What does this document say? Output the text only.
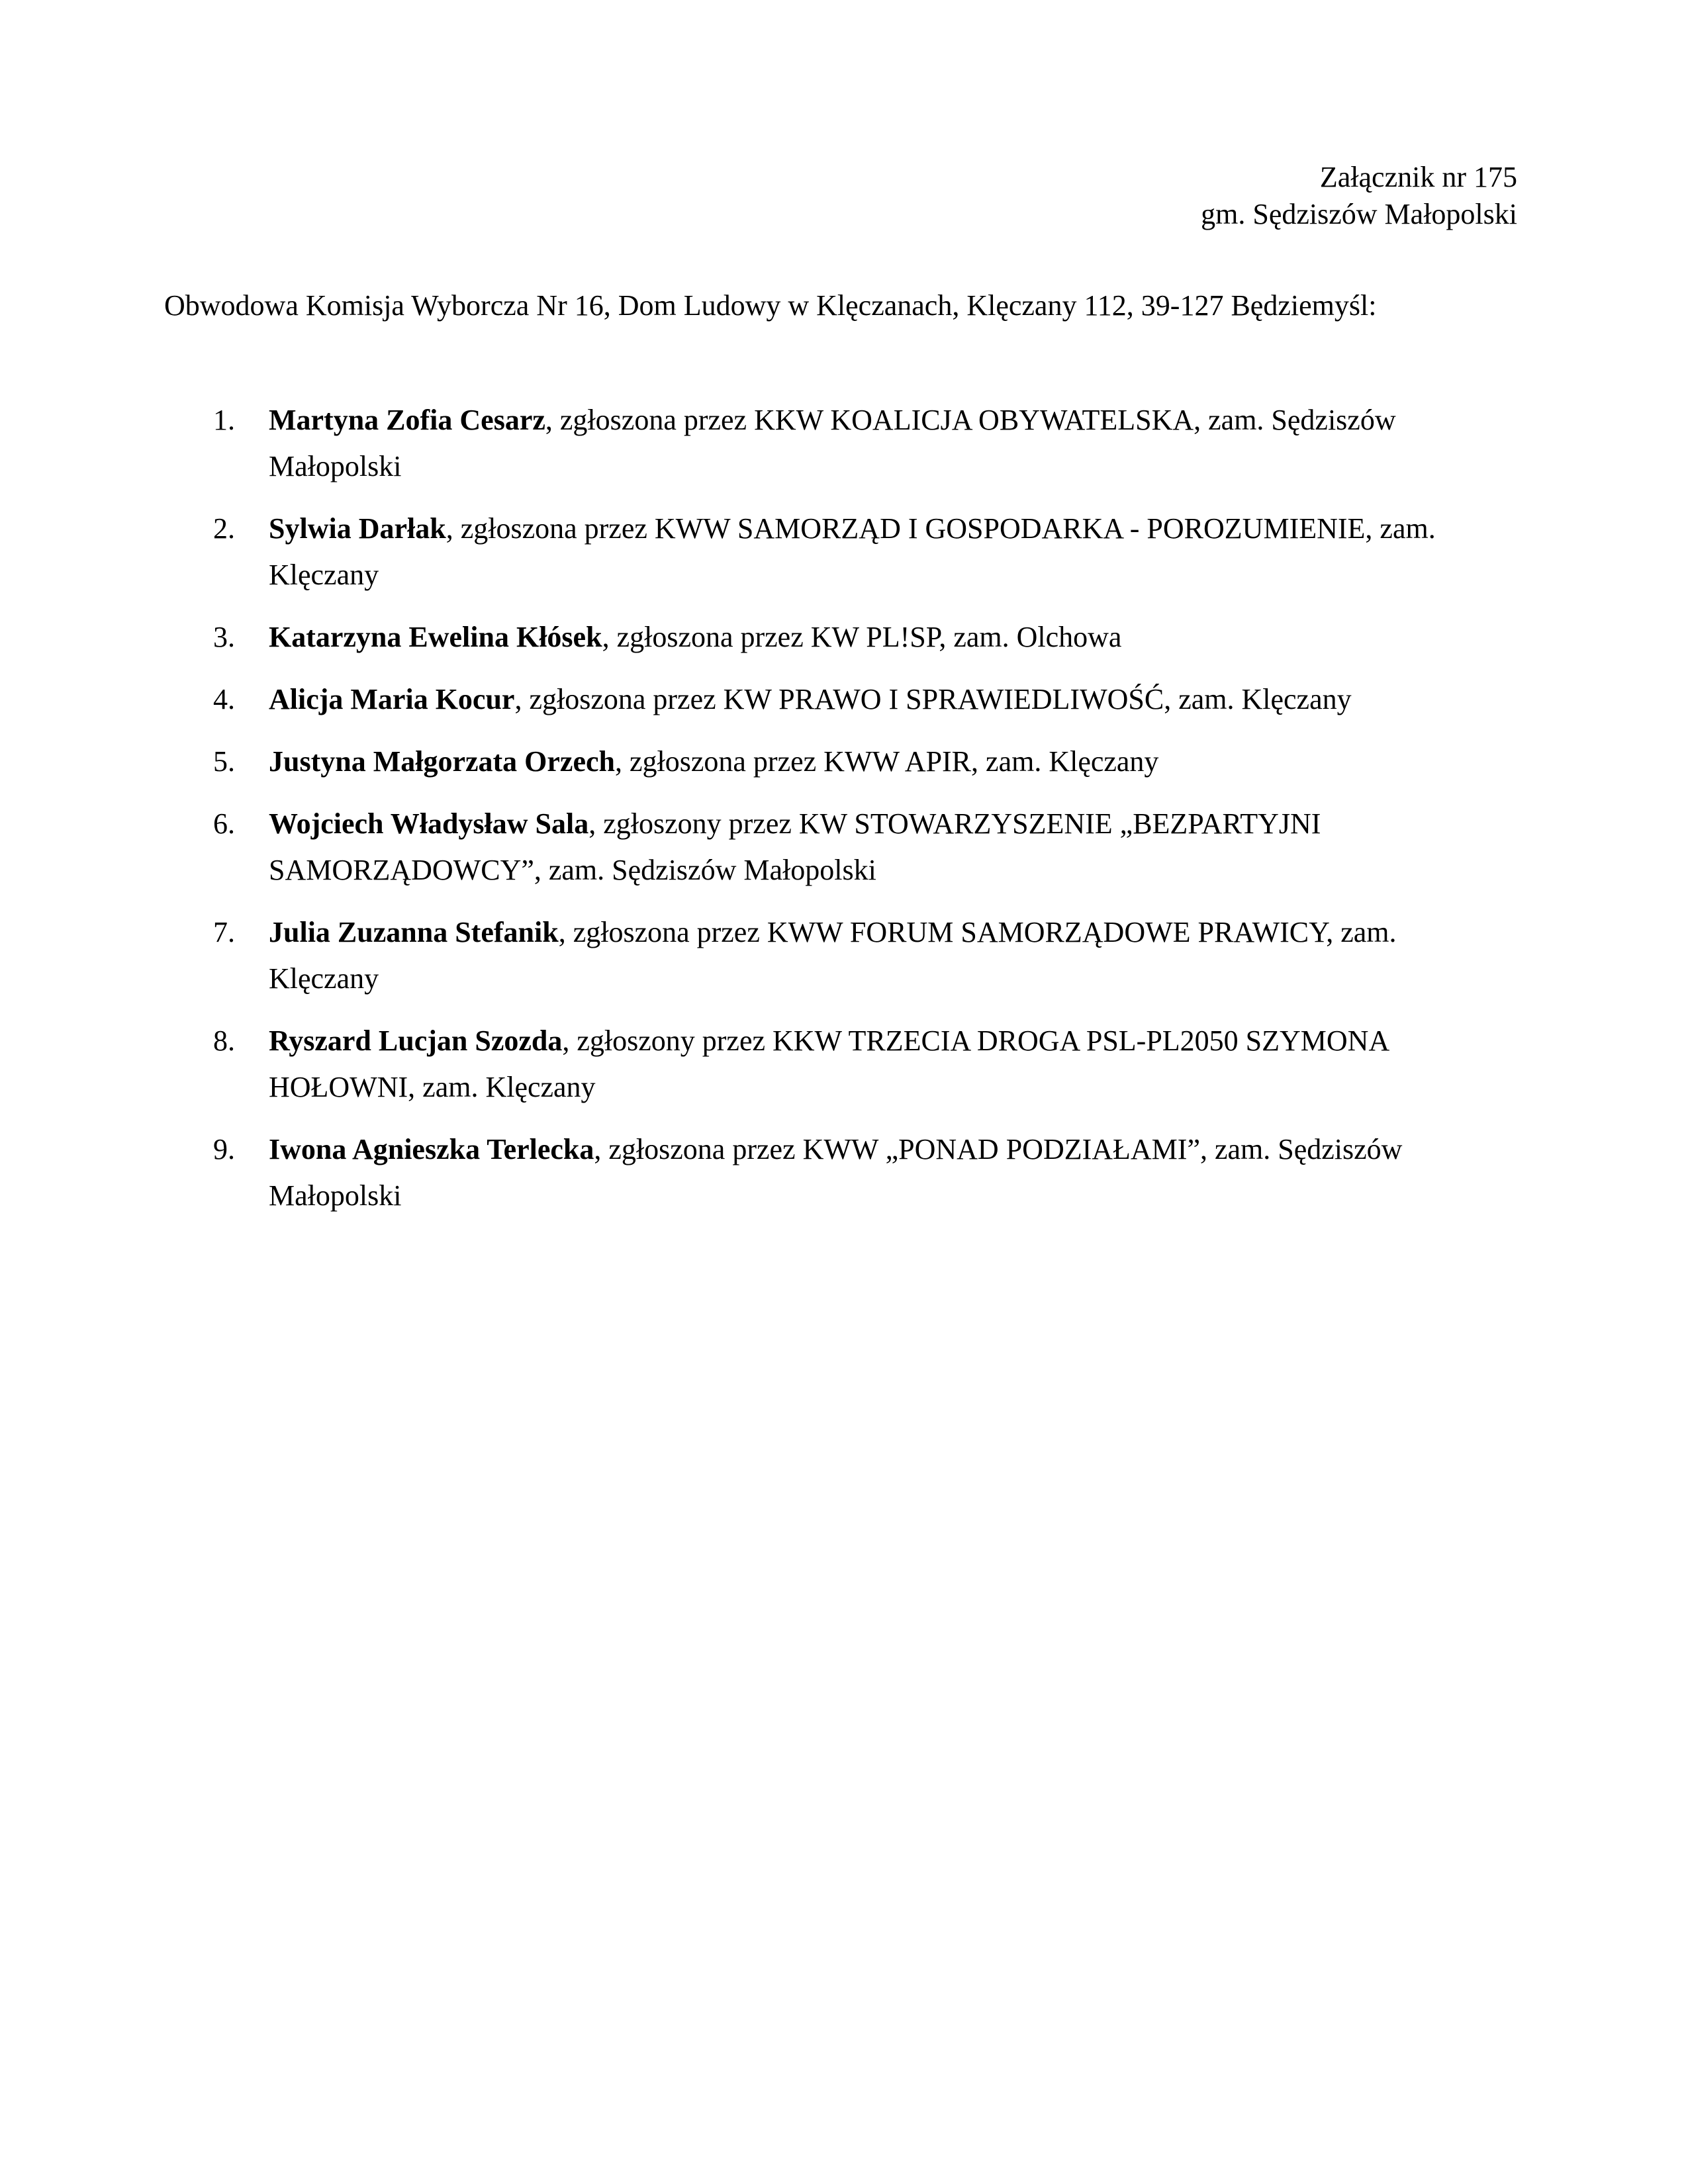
Załącznik nr 175
gm. Sędziszów Małopolski
Obwodowa Komisja Wyborcza Nr 16, Dom Ludowy w Klęczanach, Klęczany 112, 39-127 Będziemyśl:
1.	Martyna Zofia Cesarz, zgłoszona przez KKW KOALICJA OBYWATELSKA, zam. Sędziszów Małopolski
2.	Sylwia Darłak, zgłoszona przez KWW SAMORZĄD I GOSPODARKA - POROZUMIENIE, zam. Klęczany
3.	Katarzyna Ewelina Kłósek, zgłoszona przez KW PL!SP, zam. Olchowa
4.	Alicja Maria Kocur, zgłoszona przez KW PRAWO I SPRAWIEDLIWOŚĆ, zam. Klęczany
5.	Justyna Małgorzata Orzech, zgłoszona przez KWW APIR, zam. Klęczany
6.	Wojciech Władysław Sala, zgłoszony przez KW STOWARZYSZENIE „BEZPARTYJNI SAMORZĄDOWCY”, zam. Sędziszów Małopolski
7.	Julia Zuzanna Stefanik, zgłoszona przez KWW FORUM SAMORZĄDOWE PRAWICY, zam. Klęczany
8.	Ryszard Lucjan Szozda, zgłoszony przez KKW TRZECIA DROGA PSL-PL2050 SZYMONA HOŁOWNI, zam. Klęczany
9.	Iwona Agnieszka Terlecka, zgłoszona przez KWW „PONAD PODZIAŁAMI”, zam. Sędziszów Małopolski
